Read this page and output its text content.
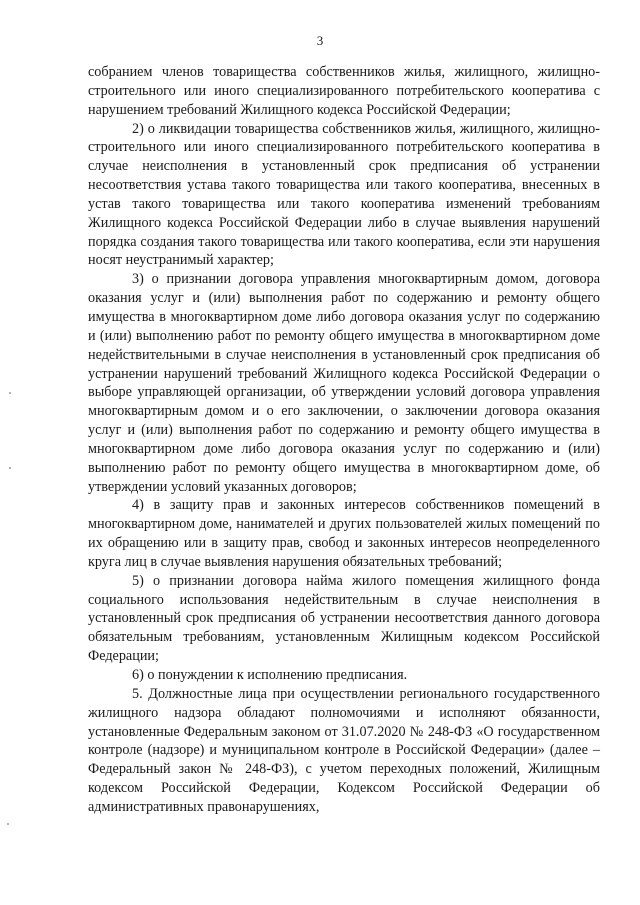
3

собранием членов товарищества собственников жилья, жилищного, жилищно-строительного или иного специализированного потребительского кооператива с нарушением требований Жилищного кодекса Российской Федерации;

2) о ликвидации товарищества собственников жилья, жилищного, жилищно-строительного или иного специализированного потребительского кооператива в случае неисполнения в установленный срок предписания об устранении несоответствия устава такого товарищества или такого кооператива, внесенных в устав такого товарищества или такого кооператива изменений требованиям Жилищного кодекса Российской Федерации либо в случае выявления нарушений порядка создания такого товарищества или такого кооператива, если эти нарушения носят неустранимый характер;

3) о признании договора управления многоквартирным домом, договора оказания услуг и (или) выполнения работ по содержанию и ремонту общего имущества в многоквартирном доме либо договора оказания услуг по содержанию и (или) выполнению работ по ремонту общего имущества в многоквартирном доме недействительными в случае неисполнения в установленный срок предписания об устранении нарушений требований Жилищного кодекса Российской Федерации о выборе управляющей организации, об утверждении условий договора управления многоквартирным домом и о его заключении, о заключении договора оказания услуг и (или) выполнения работ по содержанию и ремонту общего имущества в многоквартирном доме либо договора оказания услуг по содержанию и (или) выполнению работ по ремонту общего имущества в многоквартирном доме, об утверждении условий указанных договоров;

4) в защиту прав и законных интересов собственников помещений в многоквартирном доме, нанимателей и других пользователей жилых помещений по их обращению или в защиту прав, свобод и законных интересов неопределенного круга лиц в случае выявления нарушения обязательных требований;

5) о признании договора найма жилого помещения жилищного фонда социального использования недействительным в случае неисполнения в установленный срок предписания об устранении несоответствия данного договора обязательным требованиям, установленным Жилищным кодексом Российской Федерации;

6) о понуждении к исполнению предписания.

5. Должностные лица при осуществлении регионального государственного жилищного надзора обладают полномочиями и исполняют обязанности, установленные Федеральным законом от 31.07.2020 № 248-ФЗ «О государственном контроле (надзоре) и муниципальном контроле в Российской Федерации» (далее – Федеральный закон № 248-ФЗ), с учетом переходных положений, Жилищным кодексом Российской Федерации, Кодексом Российской Федерации об административных правонарушениях,
